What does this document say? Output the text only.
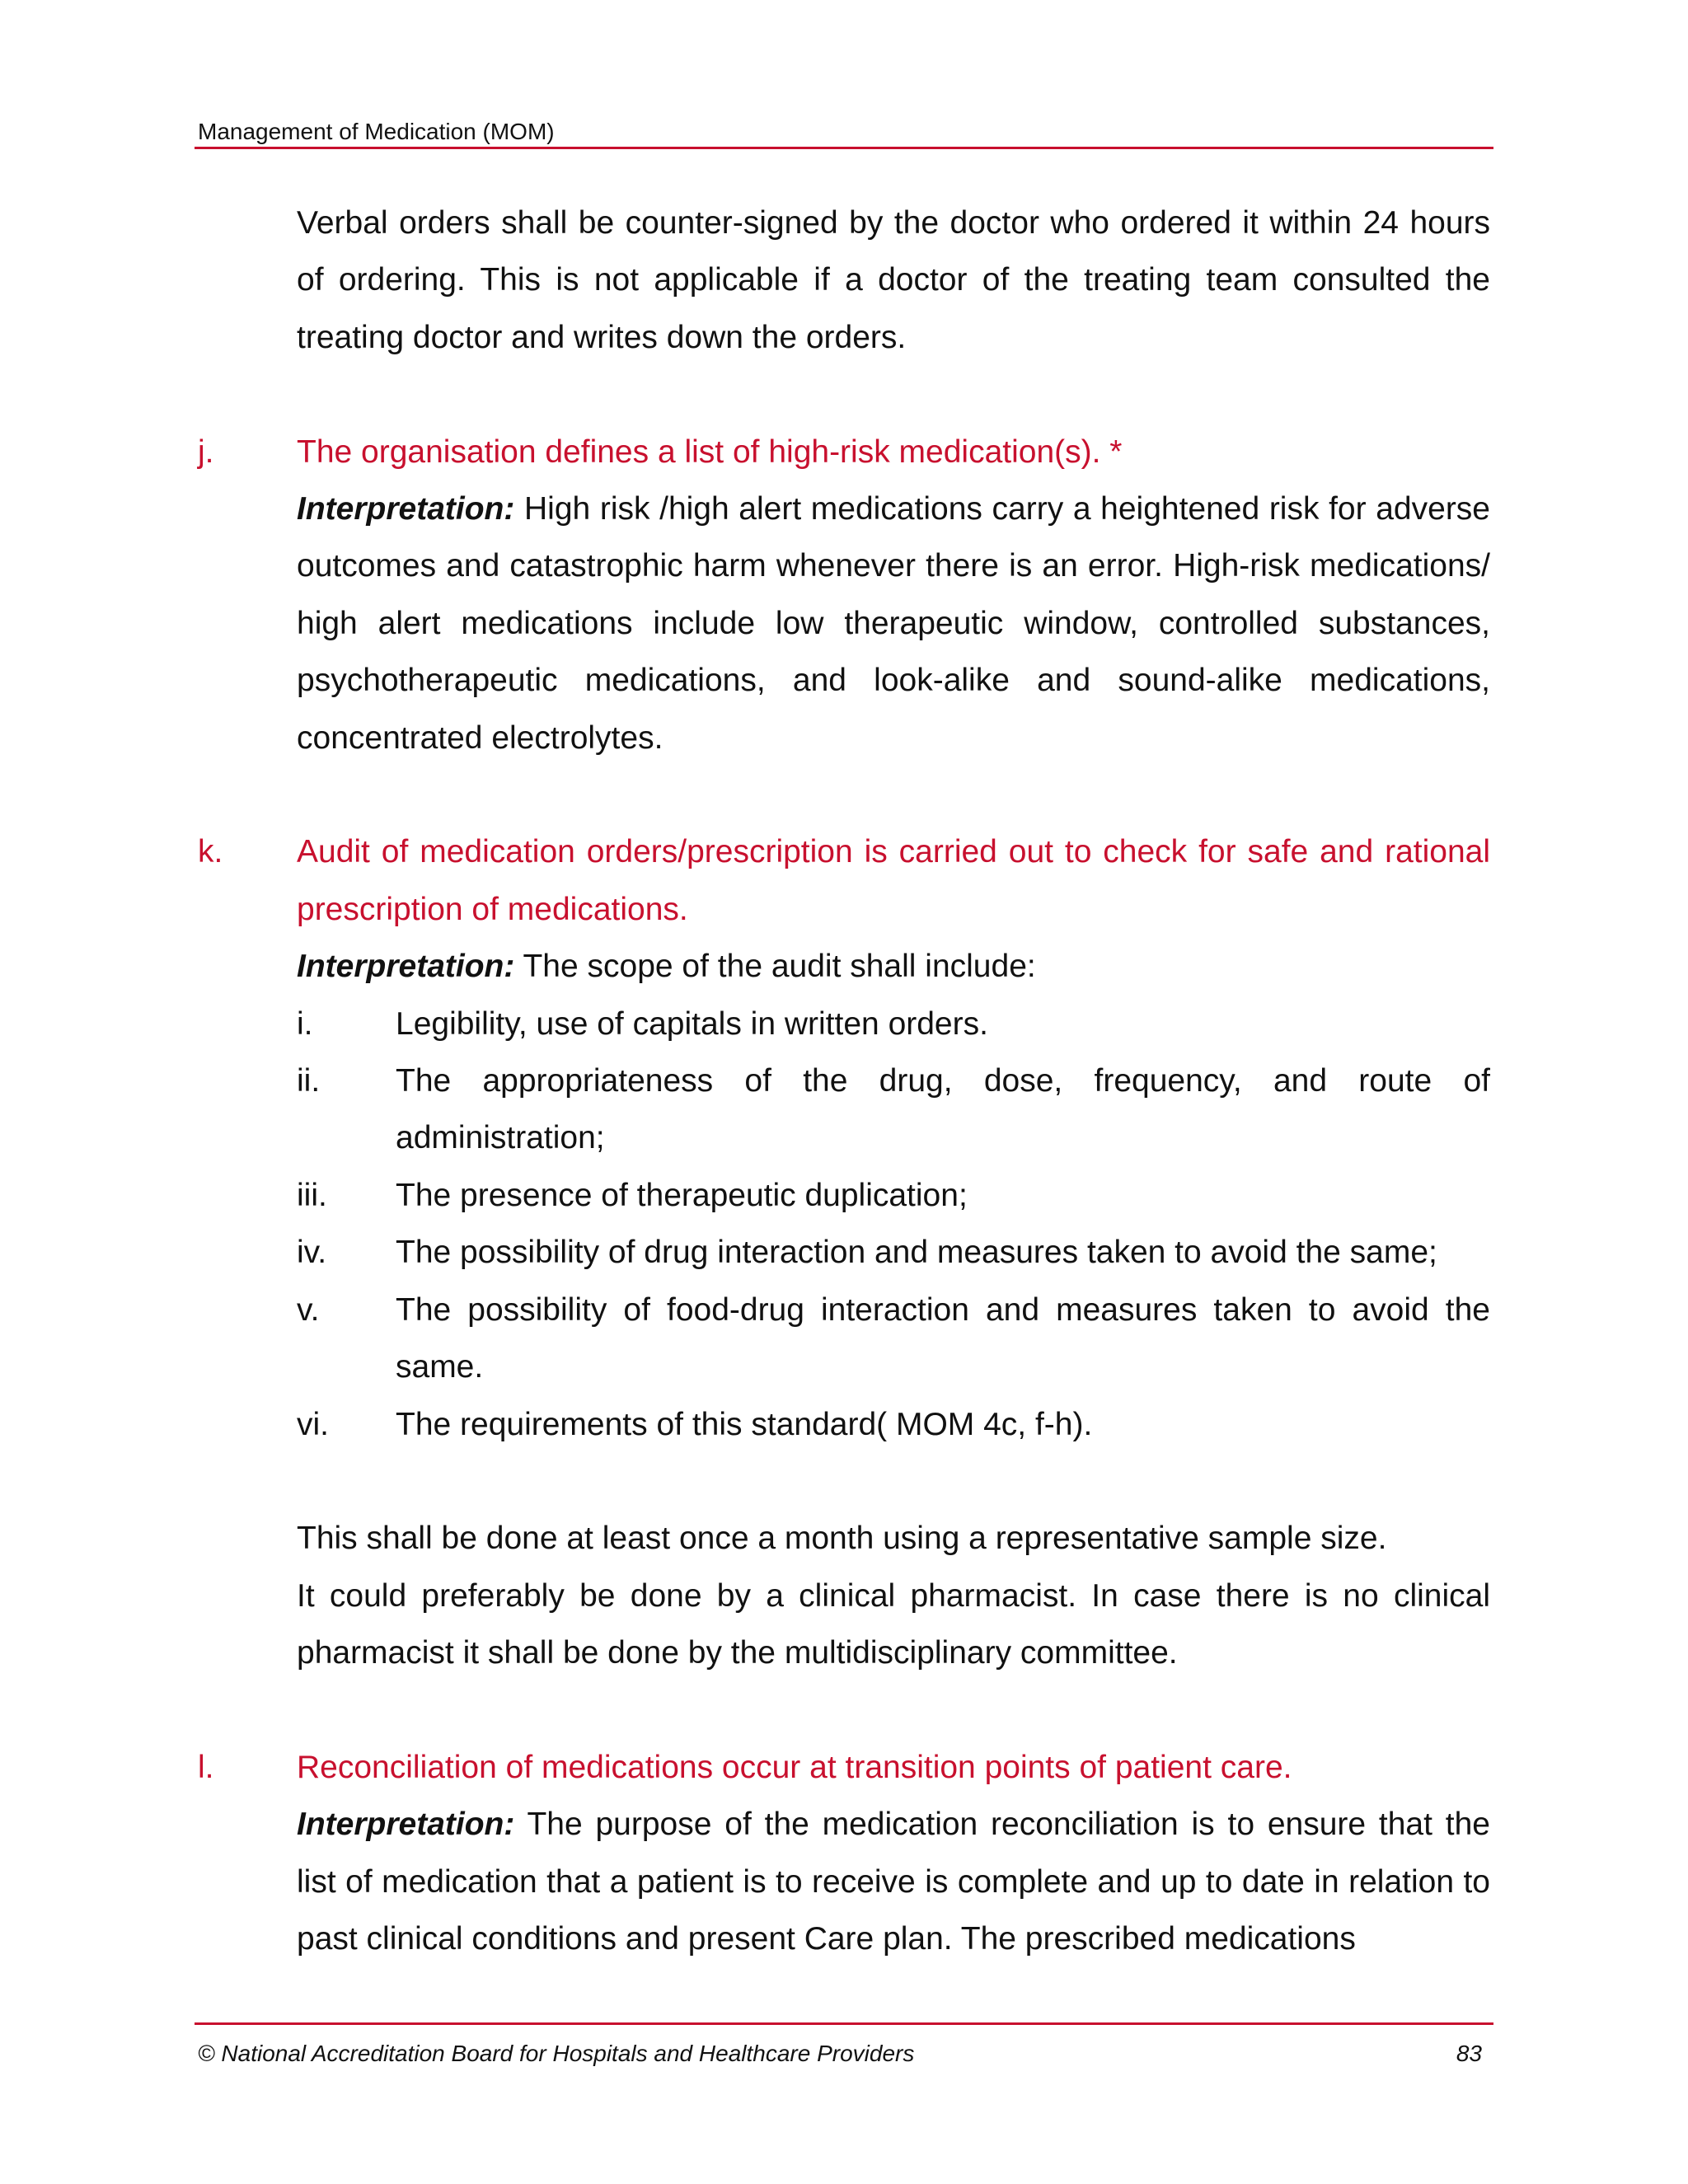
Management of Medication (MOM)

Verbal orders shall be counter-signed by the doctor who ordered it within 24 hours of ordering. This is not applicable if a doctor of the treating team consulted the treating doctor and writes down the orders.

j.	The organisation defines a list of high-risk medication(s). *

Interpretation: High risk /high alert medications carry a heightened risk for adverse outcomes and catastrophic harm whenever there is an error. High-risk medications/ high alert medications include low therapeutic window, controlled substances, psychotherapeutic medications, and look-alike and sound-alike medications, concentrated electrolytes.

k. Audit of medication orders/prescription is carried out to check for safe and rational prescription of medications.

Interpretation: The scope of the audit shall include:

i.	Legibility, use of capitals in written orders.

ii. The appropriateness of the drug, dose, frequency, and route of administration;

iii. The presence of therapeutic duplication;

iv. The possibility of drug interaction and measures taken to avoid the same;

v. The possibility of food-drug interaction and measures taken to avoid the same.

vi. The requirements of this standard( MOM 4c, f-h).

This shall be done at least once a month using a representative sample size.

It could preferably be done by a clinical pharmacist. In case there is no clinical pharmacist it shall be done by the multidisciplinary committee.

l.	Reconciliation of medications occur at transition points of patient care.

Interpretation: The purpose of the medication reconciliation is to ensure that the list of medication that a patient is to receive is complete and up to date in relation to past clinical conditions and present Care plan. The prescribed medications

© National Accreditation Board for Hospitals and Healthcare Providers	83
